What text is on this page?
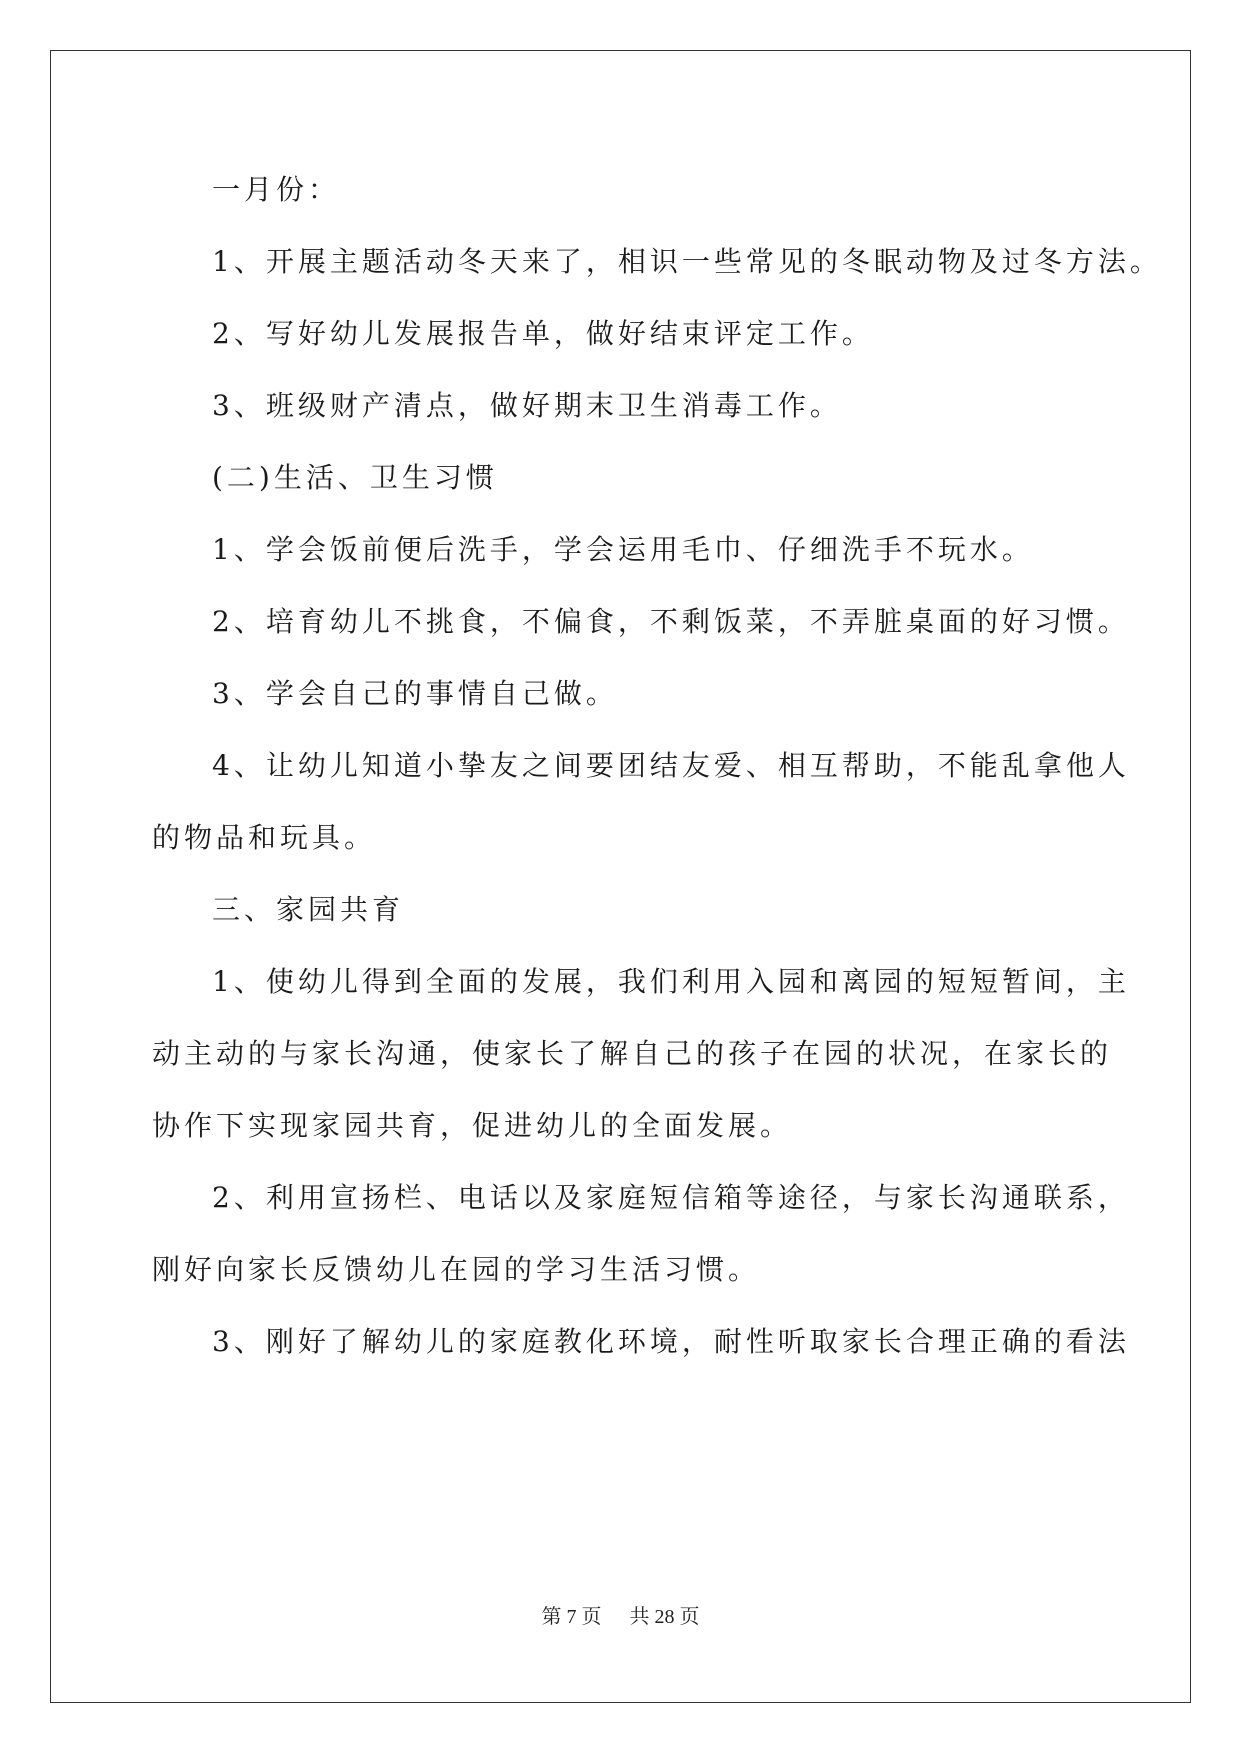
一月份：
1、开展主题活动冬天来了，相识一些常见的冬眠动物及过冬方法。
2、写好幼儿发展报告单，做好结束评定工作。
3、班级财产清点，做好期末卫生消毒工作。
(二)生活、卫生习惯
1、学会饭前便后洗手，学会运用毛巾、仔细洗手不玩水。
2、培育幼儿不挑食，不偏食，不剩饭菜，不弄脏桌面的好习惯。
3、学会自己的事情自己做。
4、让幼儿知道小挚友之间要团结友爱、相互帮助，不能乱拿他人
的物品和玩具。
三、家园共育
1、使幼儿得到全面的发展，我们利用入园和离园的短短暂间，主
动主动的与家长沟通，使家长了解自己的孩子在园的状况，在家长的
协作下实现家园共育，促进幼儿的全面发展。
2、利用宣扬栏、电话以及家庭短信箱等途径，与家长沟通联系，
刚好向家长反馈幼儿在园的学习生活习惯。
3、刚好了解幼儿的家庭教化环境，耐性听取家长合理正确的看法
第 7 页 共 28 页
